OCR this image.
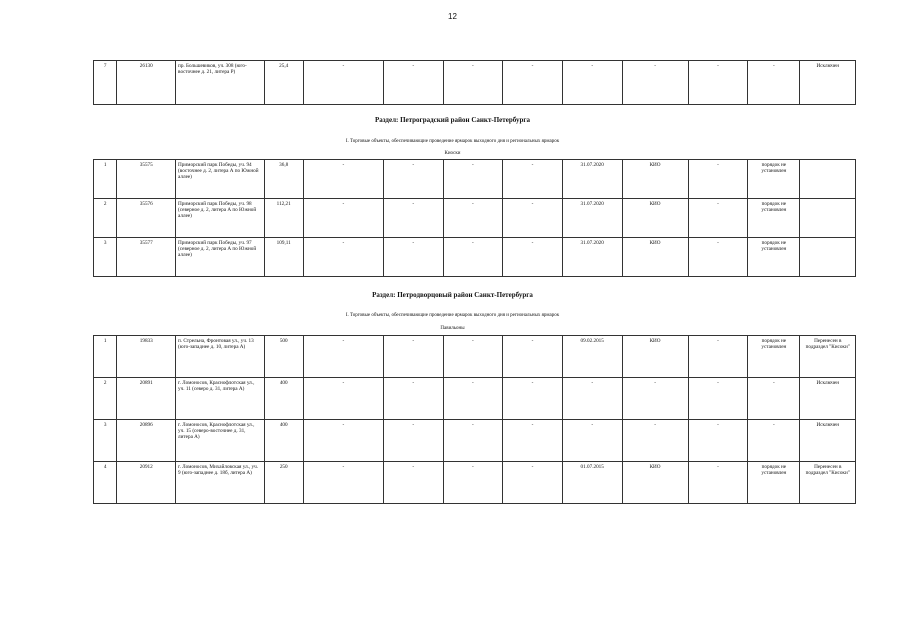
12
7	26130	пр. Большевиков, уч. 308 (юго-восточнее д. 21, литера Р)	25,4	-	-	-	-	-	-	-	-	Исключен
Раздел: Петроградский район Санкт-Петербурга
I. Торговые объекты, обеспечивающие проведение ярмарок выходного дня и региональных ярмарок
Киоски
1	35575	Приморский парк Победы, уч. 94 (восточнее д. 2, литера А по Южной аллее)	36,8	-	-	-	-	31.07.2020	КИО	-	порядок не установлен	
2	35576	Приморский парк Победы, уч. 98 (северное д. 2, литера А по Южной аллее)	112,21	-	-	-	-	31.07.2020	КИО	-	порядок не установлен	
3	35577	Приморский парк Победы, уч. 97 (северное д. 2, литера А по Южной аллее)	109,11	-	-	-	-	31.07.2020	КИО	-	порядок не установлен	
Раздел: Петродворцовый район Санкт-Петербурга
I. Торговые объекты, обеспечивающие проведение ярмарок выходного дня и региональных ярмарок
Павильоны
1	19833	п. Стрельна, Фронтовая ул., уч. 13 (юго-западнее д. 10, литера А)	500	-	-	-	-	09.02.2015	КИО	-	порядок не установлен	Перенесен в подраздел "Кисоки"
2	20891	г. Ломоносов, Краснофлотская ул., уч. 11 (северо д. 31, литера А)	400	-	-	-	-	-	-	-	-	Исключен
3	20896	г. Ломоносов, Краснофлотская ул., уч. 15 (северо-восточнее д. 31, литера А)	400	-	-	-	-	-	-	-	-	Исключен
4	20912	г. Ломоносов, Михайловская ул., уч. 9 (юго-западнее д. 18б, литера А)	250	-	-	-	-	01.07.2015	КИО	-	порядок не установлен	Перенесен в подраздел "Кисоки"
